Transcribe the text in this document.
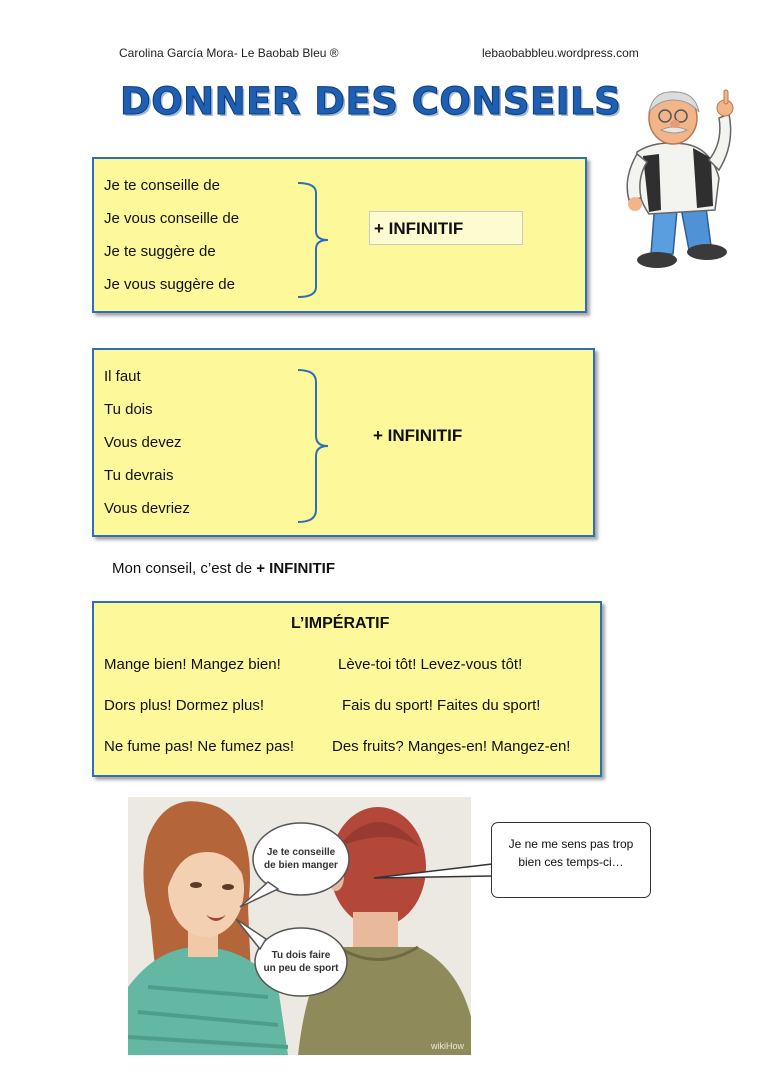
Carolina García Mora- Le Baobab Bleu ®	lebaobabbleu.wordpress.com
DONNER DES CONSEILS
Je te conseille de
Je vous conseille de
Je te suggère de
Je vous suggère de
+ INFINITIF
Il faut
Tu dois
Vous devez
Tu devrais
Vous devriez
+ INFINITIF
Mon conseil, c’est de + INFINITIF
L’IMPÉRATIF
Mange bien! Mangez bien!	Lève-toi tôt! Levez-vous tôt!
Dors plus! Dormez plus!	Fais du sport! Faites du sport!
Ne fume pas! Ne fumez pas!	Des fruits? Manges-en! Mangez-en!
Je te conseille
de bien manger
Tu dois faire
un peu de sport
wikiHow

Je ne me sens pas trop

bien ces temps-ci…
